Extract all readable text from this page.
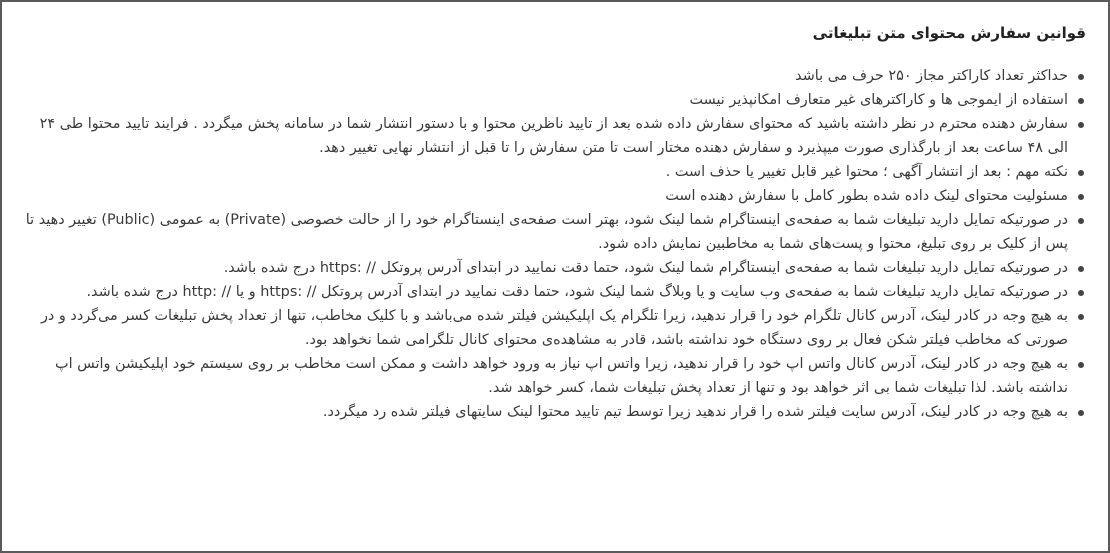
قوانین سفارش محتوای متن تبلیغاتی
حداکثر تعداد کاراکتر مجاز ۲۵۰ حرف می باشد
استفاده از ایموجی ها و کاراکترهای غیر متعارف امکانپذیر نیست
سفارش دهنده محترم در نظر داشته باشید که محتوای سفارش داده شده بعد از تایید ناظرین محتوا و با دستور انتشار شما در سامانه پخش میگردد . فرایند تایید محتوا طی ۲۴ الی ۴۸ ساعت بعد از بارگذاری صورت میپذیرد و سفارش دهنده مختار است تا متن سفارش را تا قبل از انتشار نهایی تغییر دهد.
نکته مهم : بعد از انتشار آگهی ؛ محتوا غیر قابل تغییر یا حذف است .
مسئولیت محتوای لینک داده شده بطور کامل با سفارش دهنده است
در صورتیکه تمایل دارید تبلیغات شما به صفحه‌ی اینستاگرام شما لینک شود، بهتر است صفحه‌ی اینستاگرام خود را از حالت خصوصی (Private) به عمومی (Public) تغییر دهید تا پس از کلیک بر روی تبلیغ، محتوا و پست‌های شما به مخاطبین نمایش داده شود.
در صورتیکه تمایل دارید تبلیغات شما به صفحه‌ی اینستاگرام شما لینک شود، حتما دقت نمایید در ابتدای آدرس پروتکل // :https درج شده باشد.
در صورتیکه تمایل دارید تبلیغات شما به صفحه‌ی وب سایت و یا وبلاگ شما لینک شود، حتما دقت نمایید در ابتدای آدرس پروتکل // :https و یا // :http درج شده باشد.
به هیچ وجه در کادر لینک، آدرس کانال تلگرام خود را قرار ندهید، زیرا تلگرام یک اپلیکیشن فیلتر شده می‌باشد و با کلیک مخاطب، تنها از تعداد پخش تبلیغات کسر می‌گردد و در صورتی که مخاطب فیلتر شکن فعال بر روی دستگاه خود نداشته باشد، قادر به مشاهده‌ی محتوای کانال تلگرامی شما نخواهد بود.
به هیچ وجه در کادر لینک، آدرس کانال واتس اپ خود را قرار ندهید، زیرا واتس اپ نیاز به ورود خواهد داشت و ممکن است مخاطب بر روی سیستم خود اپلیکیشن واتس اپ نداشته باشد. لذا تبلیغات شما بی اثر خواهد بود و تنها از تعداد پخش تبلیغات شما، کسر خواهد شد.
به هیچ وجه در کادر لینک، آدرس سایت فیلتر شده را قرار ندهید زیرا توسط تیم تایید محتوا لینک سایتهای فیلتر شده رد میگردد.
